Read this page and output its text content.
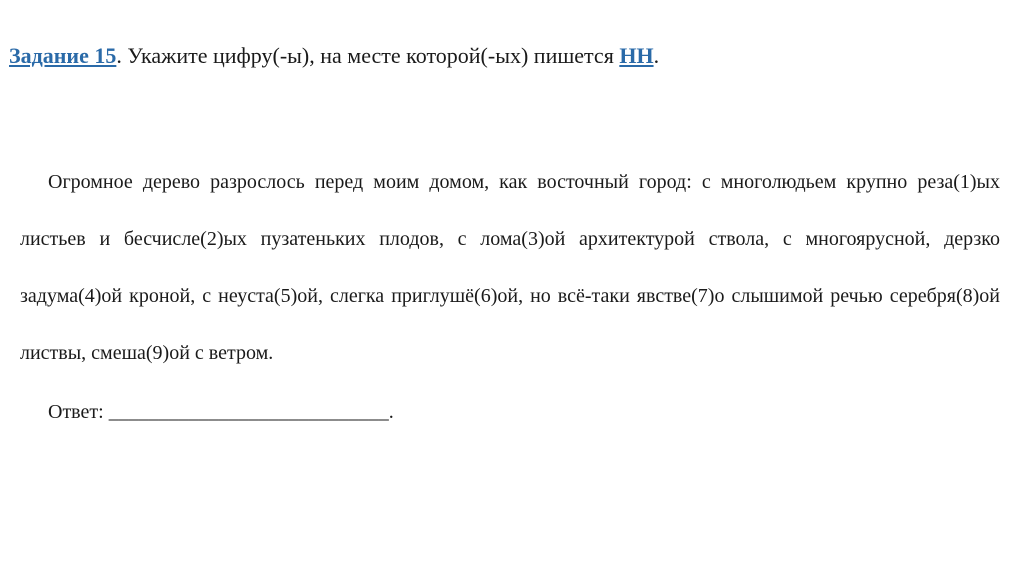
Задание 15. Укажите цифру(-ы), на месте которой(-ых) пишется НН.
Огромное дерево разрослось перед моим домом, как восточный город: с многолюдьем крупно реза(1)ых листьев и бесчисле(2)ых пузатеньких плодов, с лома(3)ой архитектурой ствола, с многоярусной, дерзко задума(4)ой кроной, с неуста(5)ой, слегка приглушё(6)ой, но всё-таки явстве(7)о слышимой речью серебря(8)ой листвы, смеша(9)ой с ветром.
Ответ: ____________________________.
